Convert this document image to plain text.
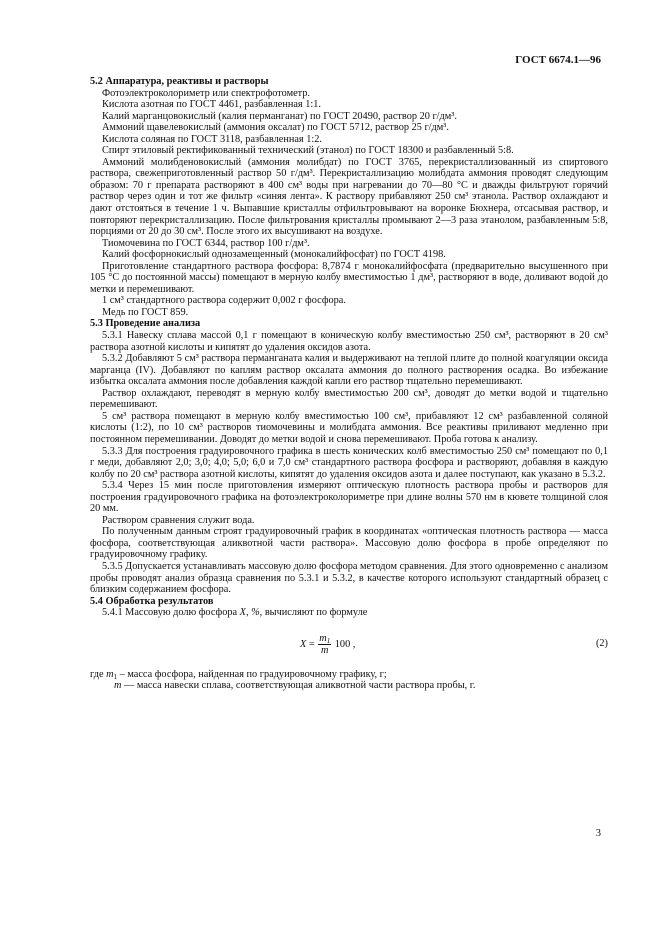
ГОСТ 6674.1—96

5.2 Аппаратура, реактивы и растворы

Фотоэлектроколориметр или спектрофотометр.

Кислота азотная по ГОСТ 4461, разбавленная 1:1.

Калий марганцовокислый (калия перманганат) по ГОСТ 20490, раствор 20 г/дм³.

Аммоний щавелевокислый (аммония оксалат) по ГОСТ 5712, раствор 25 г/дм³.

Кислота соляная по ГОСТ 3118, разбавленная 1:2.

Спирт этиловый ректификованный технический (этанол) по ГОСТ 18300 и разбавленный 5:8.

Аммоний молибденовокислый (аммония молибдат) по ГОСТ 3765, перекристаллизованный из спиртового раствора, свежеприготовленный раствор 50 г/дм³. Перекристаллизацию молибдата аммония проводят следующим образом: 70 г препарата растворяют в 400 см³ воды при нагревании до 70—80 °С и дважды фильтруют горячий раствор через один и тот же фильтр «синяя лента». К раствору прибавляют 250 см³ этанола. Раствор охлаждают и дают отстояться в течение 1 ч. Выпавшие кристаллы отфильтровывают на воронке Бюхнера, отсасывая раствор, и повторяют перекристаллизацию. После фильтрования кристаллы промывают 2—3 раза этанолом, разбавленным 5:8, порциями от 20 до 30 см³. После этого их высушивают на воздухе.

Тиомочевина по ГОСТ 6344, раствор 100 г/дм³.

Калий фосфорнокислый однозамещенный (монокалийфосфат) по ГОСТ 4198.

Приготовление стандартного раствора фосфора: 8,7874 г монокалийфосфата (предварительно высушенного при 105 °С до постоянной массы) помещают в мерную колбу вместимостью 1 дм³, растворяют в воде, доливают водой до метки и перемешивают.

1 см³ стандартного раствора содержит 0,002 г фосфора.

Медь по ГОСТ 859.

5.3 Проведение анализа

5.3.1 Навеску сплава массой 0,1 г помещают в коническую колбу вместимостью 250 см³, растворяют в 20 см³ раствора азотной кислоты и кипятят до удаления оксидов азота.

5.3.2 Добавляют 5 см³ раствора перманганата калия и выдерживают на теплой плите до полной коагуляции оксида марганца (IV). Добавляют по каплям раствор оксалата аммония до полного растворения осадка. Во избежание избытка оксалата аммония после добавления каждой капли его раствор тщательно перемешивают.

Раствор охлаждают, переводят в мерную колбу вместимостью 200 см³, доводят до метки водой и тщательно перемешивают.

5 см³ раствора помещают в мерную колбу вместимостью 100 см³, прибавляют 12 см³ разбавленной соляной кислоты (1:2), по 10 см³ растворов тиомочевины и молибдата аммония. Все реактивы приливают медленно при постоянном перемешивании. Доводят до метки водой и снова перемешивают. Проба готова к анализу.

5.3.3 Для построения градуировочного графика в шесть конических колб вместимостью 250 см³ помещают по 0,1 г меди, добавляют 2,0; 3,0; 4,0; 5,0; 6,0 и 7,0 см³ стандартного раствора фосфора и растворяют, добавляя в каждую колбу по 20 см³ раствора азотной кислоты, кипятят до удаления оксидов азота и далее поступают, как указано в 5.3.2.

5.3.4 Через 15 мин после приготовления измеряют оптическую плотность раствора пробы и растворов для построения градуировочного графика на фотоэлектроколориметре при длине волны 570 нм в кювете толщиной слоя 20 мм.

Раствором сравнения служит вода.

По полученным данным строят градуировочный график в координатах «оптическая плотность раствора — масса фосфора, соответствующая аликвотной части раствора». Массовую долю фосфора в пробе определяют по градуировочному графику.

5.3.5 Допускается устанавливать массовую долю фосфора методом сравнения. Для этого одновременно с анализом пробы проводят анализ образца сравнения по 5.3.1 и 5.3.2, в качестве которого используют стандартный образец с близким содержанием фосфора.

5.4 Обработка результатов

5.4.1 Массовую долю фосфора X, %, вычисляют по формуле

$X = \frac{m_1}{m} 100$ ,	(2)

где $m_1$ – масса фосфора, найденная по градуировочному графику, г;

m — масса навески сплава, соответствующая аликвотной части раствора пробы, г.

3
